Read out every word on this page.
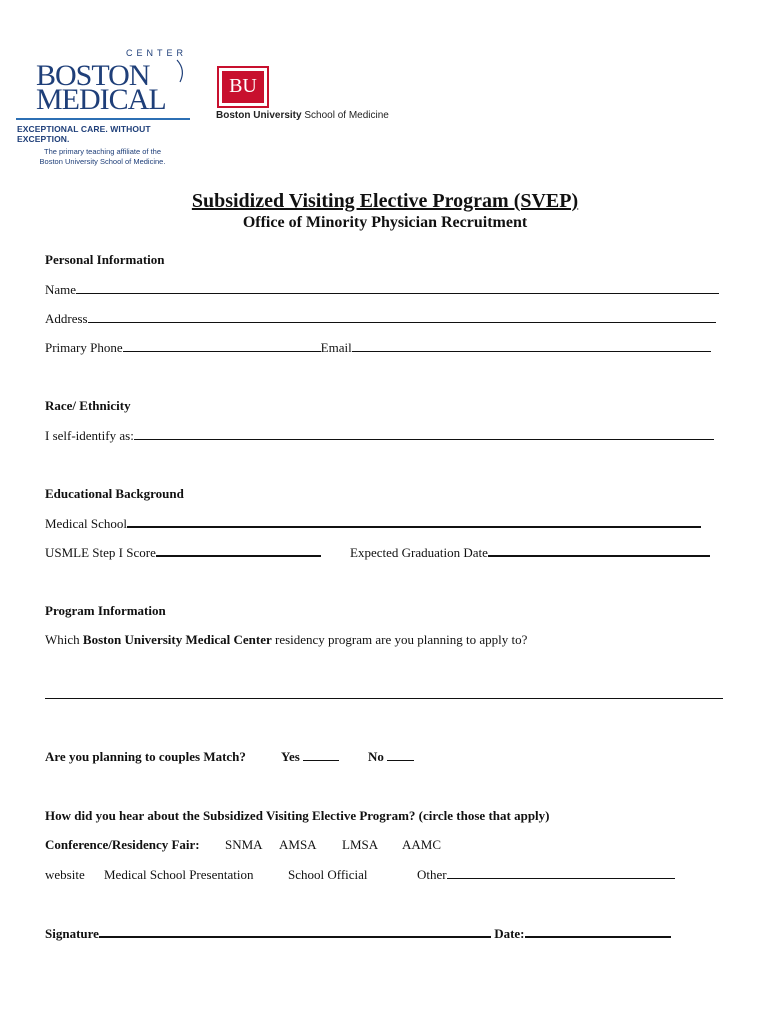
CENTER
BOSTON
MEDICAL
EXCEPTIONAL CARE. WITHOUT EXCEPTION.
The primary teaching affiliate of the
Boston University School of Medicine.
BU
Boston University School of Medicine
Subsidized Visiting Elective Program (SVEP)
Office of Minority Physician Recruitment
Personal Information
Name
Address
Primary Phone	Email
Race/ Ethnicity
I self-identify as:
Educational Background
Medical School
USMLE Step I Score	Expected Graduation Date
Program Information
Which Boston University Medical Center residency program are you planning to apply to?
Are you planning to couples Match?	Yes	No
How did you hear about the Subsidized Visiting Elective Program? (circle those that apply)
Conference/Residency Fair: SNMA AMSA LMSA AAMC
website Medical School Presentation	School Official	Other
Signature	Date:
